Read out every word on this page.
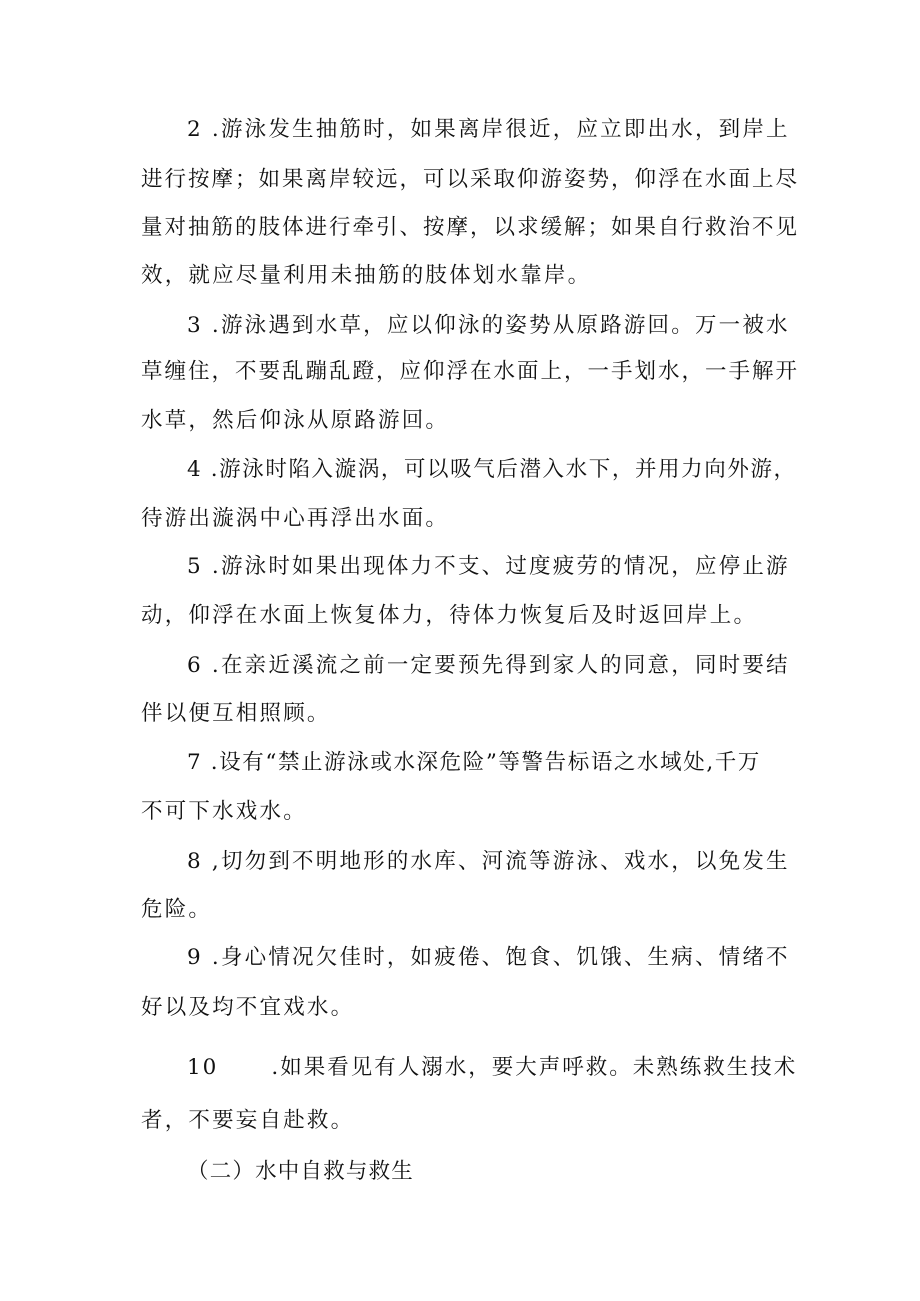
2 .游泳发生抽筋时，如果离岸很近，应立即出水，到岸上
进行按摩；如果离岸较远，可以采取仰游姿势，仰浮在水面上尽
量对抽筋的肢体进行牵引、按摩，以求缓解；如果自行救治不见
效，就应尽量利用未抽筋的肢体划水靠岸。
3 .游泳遇到水草，应以仰泳的姿势从原路游回。万一被水
草缠住，不要乱蹦乱蹬，应仰浮在水面上，一手划水，一手解开
水草，然后仰泳从原路游回。
4 .游泳时陷入漩涡，可以吸气后潜入水下，并用力向外游，
待游出漩涡中心再浮出水面。
5 .游泳时如果出现体力不支、过度疲劳的情况，应停止游
动，仰浮在水面上恢复体力，待体力恢复后及时返回岸上。
6 .在亲近溪流之前一定要预先得到家人的同意，同时要结
伴以便互相照顾。
7 .设有“禁止游泳或水深危险”等警告标语之水域处,千万
不可下水戏水。
8 ,切勿到不明地形的水库、河流等游泳、戏水，以免发生
危险。
9 .身心情况欠佳时，如疲倦、饱食、饥饿、生病、情绪不
好以及均不宜戏水。
10      .如果看见有人溺水，要大声呼救。未熟练救生技术
者，不要妄自赴救。
（二）水中自救与救生
